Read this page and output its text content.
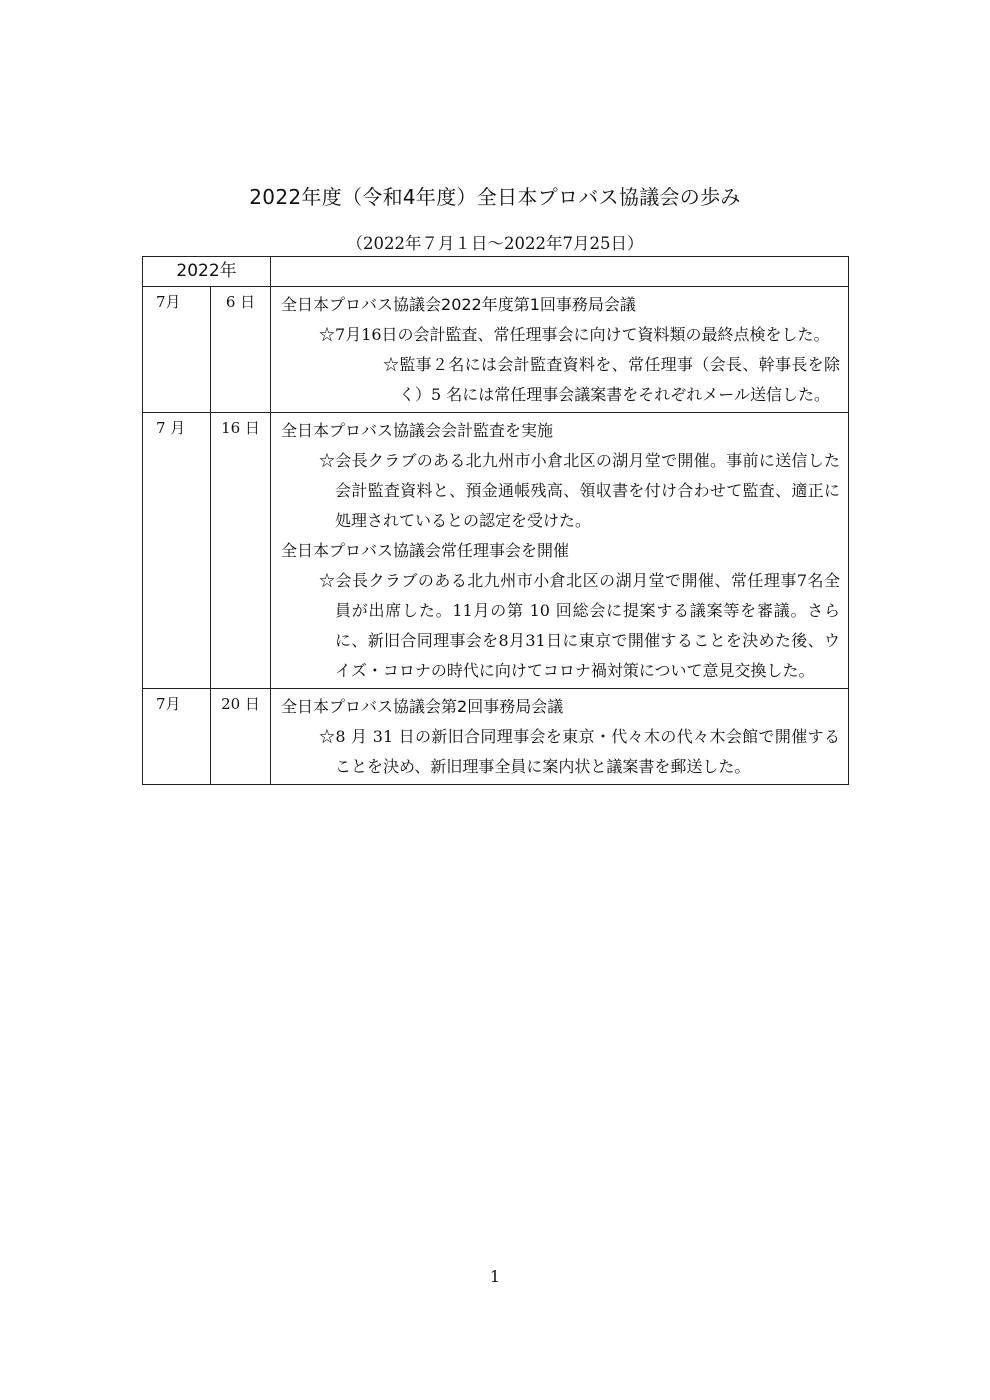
2022年度（令和4年度）全日本プロバス協議会の歩み
（2022年７月１日～2022年7月25日）
2022年		
7月	6 日	全日本プロバス協議会2022年度第1回事務局会議
☆7月16日の会計監査、常任理事会に向けて資料類の最終点検をした。
☆監事２名には会計監査資料を、常任理事（会長、幹事長を除く）5 名には常任理事会議案書をそれぞれメール送信した。

7 月	16 日	全日本プロバス協議会会計監査を実施
☆会長クラブのある北九州市小倉北区の湖月堂で開催。事前に送信した会計監査資料と、預金通帳残高、領収書を付け合わせて監査、適正に処理されているとの認定を受けた。
全日本プロバス協議会常任理事会を開催
☆会長クラブのある北九州市小倉北区の湖月堂で開催、常任理事7名全員が出席した。11月の第 10 回総会に提案する議案等を審議。さらに、新旧合同理事会を8月31日に東京で開催することを決めた後、ウイズ・コロナの時代に向けてコロナ禍対策について意見交換した。

7月	20 日	全日本プロバス協議会第2回事務局会議
☆8 月 31 日の新旧合同理事会を東京・代々木の代々木会館で開催することを決め、新旧理事全員に案内状と議案書を郵送した。
1
